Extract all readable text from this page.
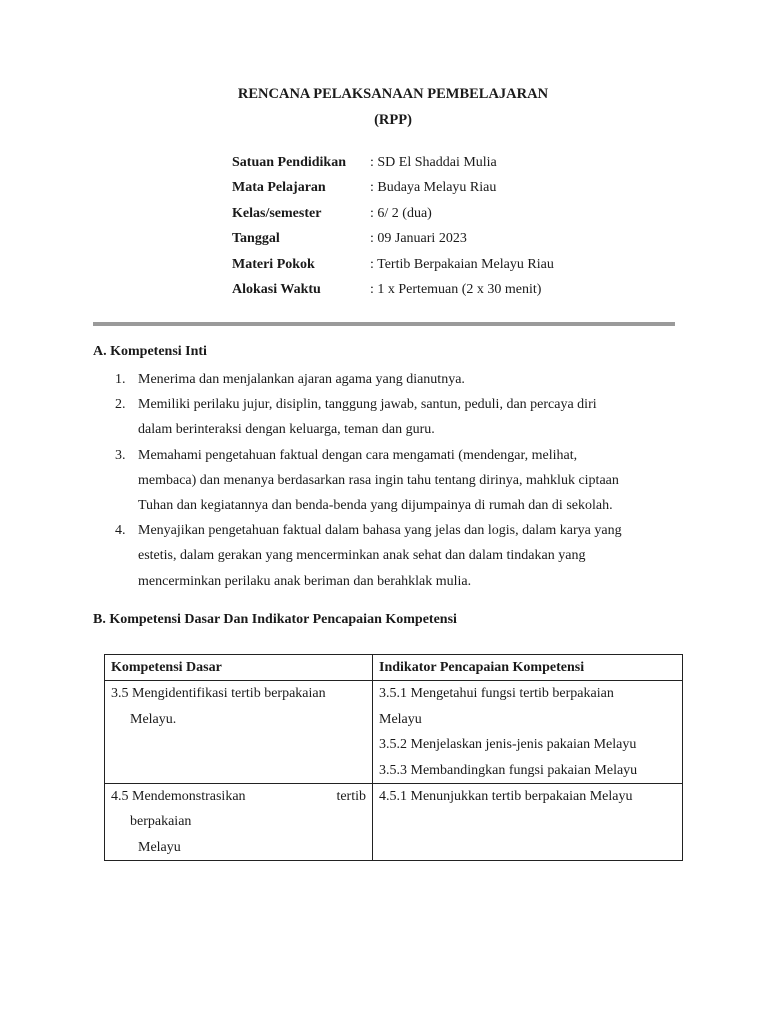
RENCANA PELAKSANAAN PEMBELAJARAN
(RPP)
Satuan Pendidikan : SD El Shaddai Mulia
Mata Pelajaran	: Budaya Melayu Riau
Kelas/semester	: 6/ 2 (dua)
Tanggal	: 09 Januari 2023
Materi Pokok	: Tertib Berpakaian Melayu Riau
Alokasi Waktu	: 1 x Pertemuan (2 x 30 menit)
A. Kompetensi Inti
1. Menerima dan menjalankan ajaran agama yang dianutnya.
2. Memiliki perilaku jujur, disiplin, tanggung jawab, santun, peduli, dan percaya diri
dalam berinteraksi dengan keluarga, teman dan guru.
3. Memahami pengetahuan faktual dengan cara mengamati (mendengar, melihat,
membaca) dan menanya berdasarkan rasa ingin tahu tentang dirinya, mahkluk ciptaan
Tuhan dan kegiatannya dan benda-benda yang dijumpainya di rumah dan di sekolah.
4. Menyajikan pengetahuan faktual dalam bahasa yang jelas dan logis, dalam karya yang
estetis, dalam gerakan yang mencerminkan anak sehat dan dalam tindakan yang
mencerminkan perilaku anak beriman dan berahklak mulia.
B. Kompetensi Dasar Dan Indikator Pencapaian Kompetensi
Kompetensi Dasar	Indikator Pencapaian Kompetensi

3.5 Mengidentifikasi tertib berpakaian
Melayu.	3.5.1 Mengetahui fungsi tertib berpakaian
Melayu
3.5.2 Menjelaskan jenis-jenis pakaian Melayu
3.5.3 Membandingkan fungsi pakaian Melayu

4.5 Mendemonstrasikan tertib
berpakaian
Melayu	4.5.1 Menunjukkan tertib berpakaian Melayu
